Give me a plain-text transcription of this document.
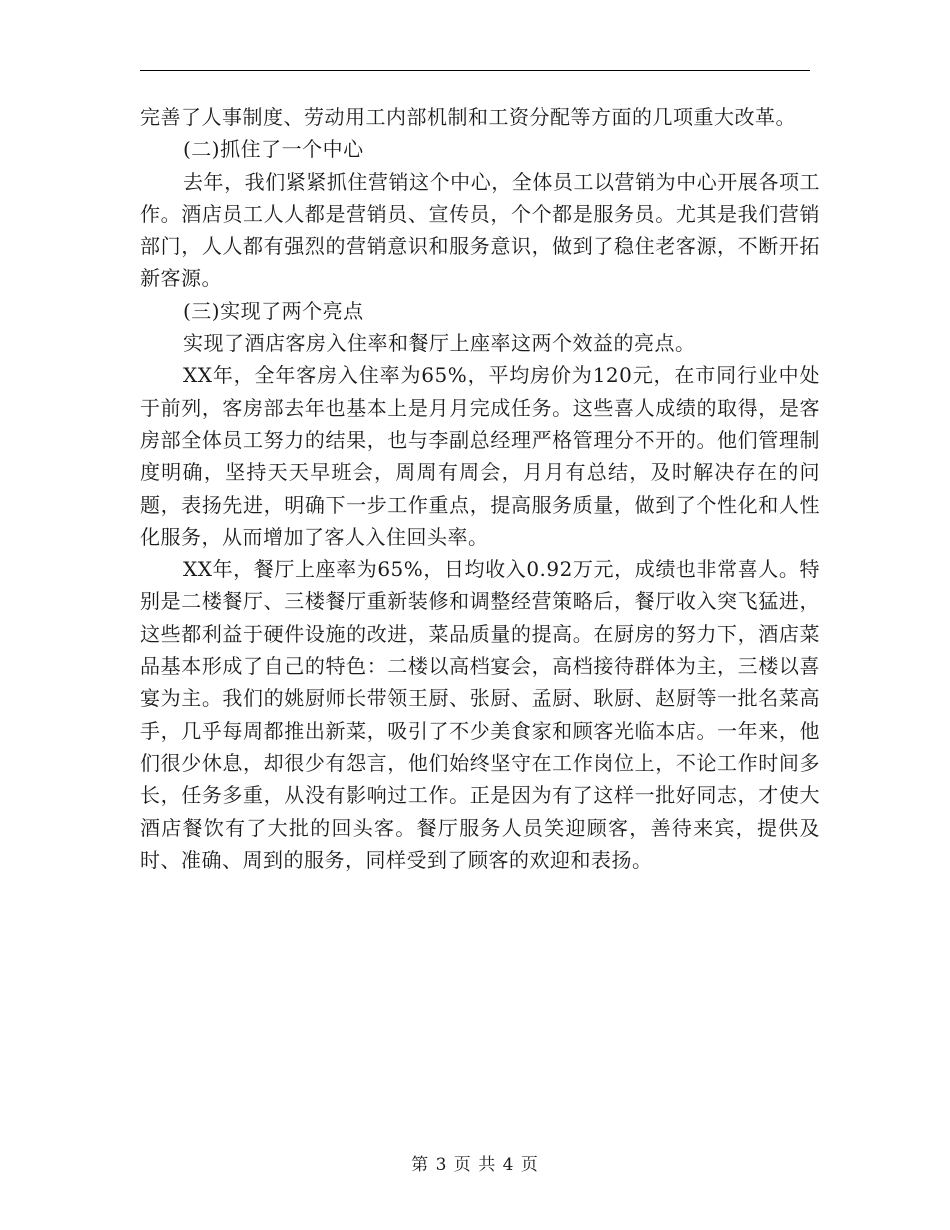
完善了人事制度、劳动用工内部机制和工资分配等方面的几项重大改革。

(二)抓住了一个中心

去年，我们紧紧抓住营销这个中心，全体员工以营销为中心开展各项工作。酒店员工人人都是营销员、宣传员，个个都是服务员。尤其是我们营销部门，人人都有强烈的营销意识和服务意识，做到了稳住老客源，不断开拓新客源。

(三)实现了两个亮点

实现了酒店客房入住率和餐厅上座率这两个效益的亮点。

XX年，全年客房入住率为65%，平均房价为120元，在市同行业中处于前列，客房部去年也基本上是月月完成任务。这些喜人成绩的取得，是客房部全体员工努力的结果，也与李副总经理严格管理分不开的。他们管理制度明确，坚持天天早班会，周周有周会，月月有总结，及时解决存在的问题，表扬先进，明确下一步工作重点，提高服务质量，做到了个性化和人性化服务，从而增加了客人入住回头率。

XX年，餐厅上座率为65%，日均收入0.92万元，成绩也非常喜人。特别是二楼餐厅、三楼餐厅重新装修和调整经营策略后，餐厅收入突飞猛进，这些都利益于硬件设施的改进，菜品质量的提高。在厨房的努力下，酒店菜品基本形成了自己的特色：二楼以高档宴会，高档接待群体为主，三楼以喜宴为主。我们的姚厨师长带领王厨、张厨、孟厨、耿厨、赵厨等一批名菜高手，几乎每周都推出新菜，吸引了不少美食家和顾客光临本店。一年来，他们很少休息，却很少有怨言，他们始终坚守在工作岗位上，不论工作时间多长，任务多重，从没有影响过工作。正是因为有了这样一批好同志，才使大酒店餐饮有了大批的回头客。餐厅服务人员笑迎顾客，善待来宾，提供及时、准确、周到的服务，同样受到了顾客的欢迎和表扬。

第 3 页 共 4 页
